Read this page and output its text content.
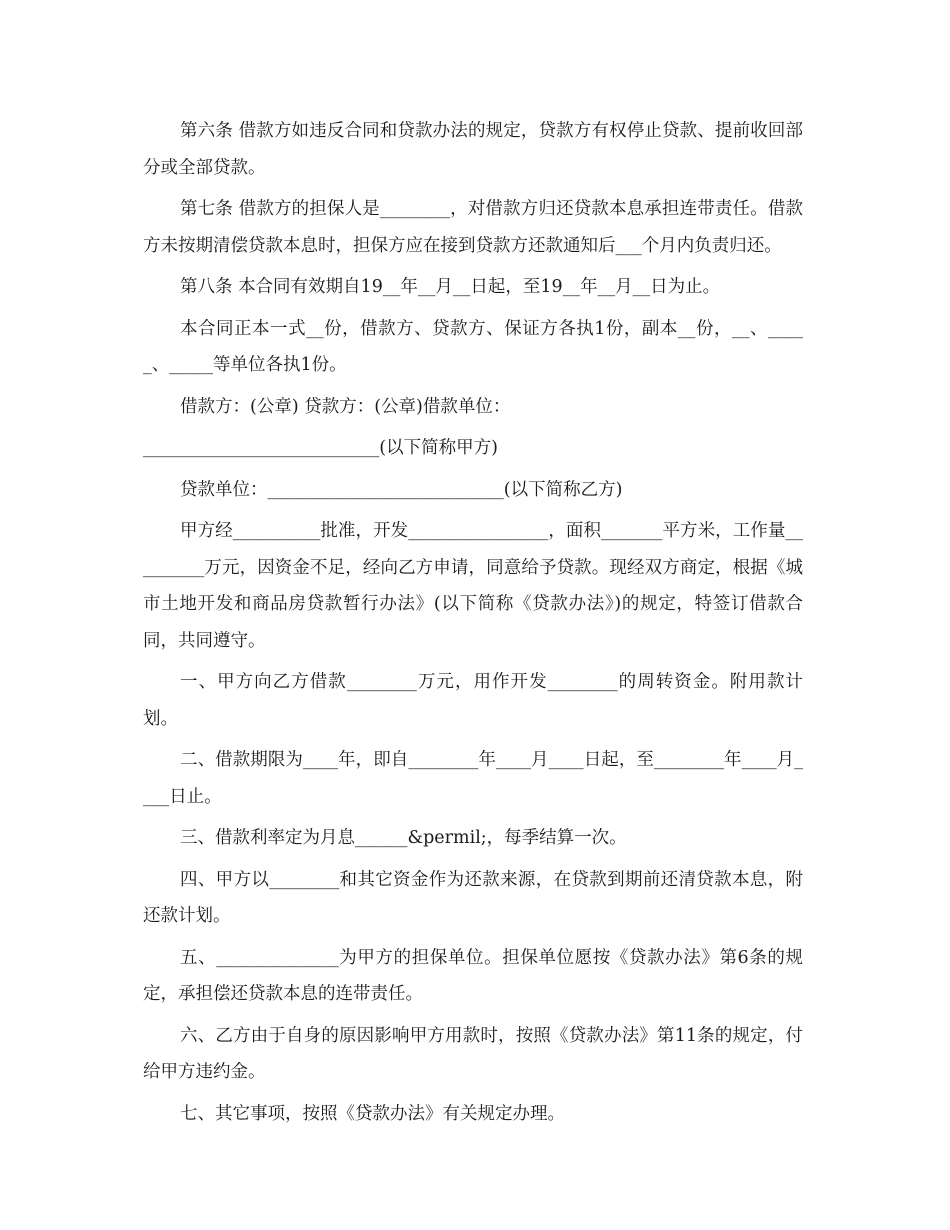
第六条 借款方如违反合同和贷款办法的规定，贷款方有权停止贷款、提前收回部分或全部贷款。

第七条 借款方的担保人是________，对借款方归还贷款本息承担连带责任。借款方未按期清偿贷款本息时，担保方应在接到贷款方还款通知后___个月内负责归还。

第八条 本合同有效期自19__年__月__日起，至19__年__月__日为止。

本合同正本一式__份，借款方、贷款方、保证方各执1份，副本__份，__、_____、_____等单位各执1份。

借款方：(公章) 贷款方：(公章)借款单位：

___________________________(以下简称甲方)

贷款单位：___________________________(以下简称乙方)

甲方经__________批准，开发________________，面积_______平方米，工作量_________万元，因资金不足，经向乙方申请，同意给予贷款。现经双方商定，根据《城市土地开发和商品房贷款暂行办法》(以下简称《贷款办法》)的规定，特签订借款合同，共同遵守。

一、甲方向乙方借款________万元，用作开发________的周转资金。附用款计划。

二、借款期限为____年，即自________年____月____日起，至________年____月____日止。

三、借款利率定为月息______&permil;，每季结算一次。

四、甲方以________和其它资金作为还款来源，在贷款到期前还清贷款本息，附还款计划。

五、______________为甲方的担保单位。担保单位愿按《贷款办法》第6条的规定，承担偿还贷款本息的连带责任。

六、乙方由于自身的原因影响甲方用款时，按照《贷款办法》第11条的规定，付给甲方违约金。

七、其它事项，按照《贷款办法》有关规定办理。
